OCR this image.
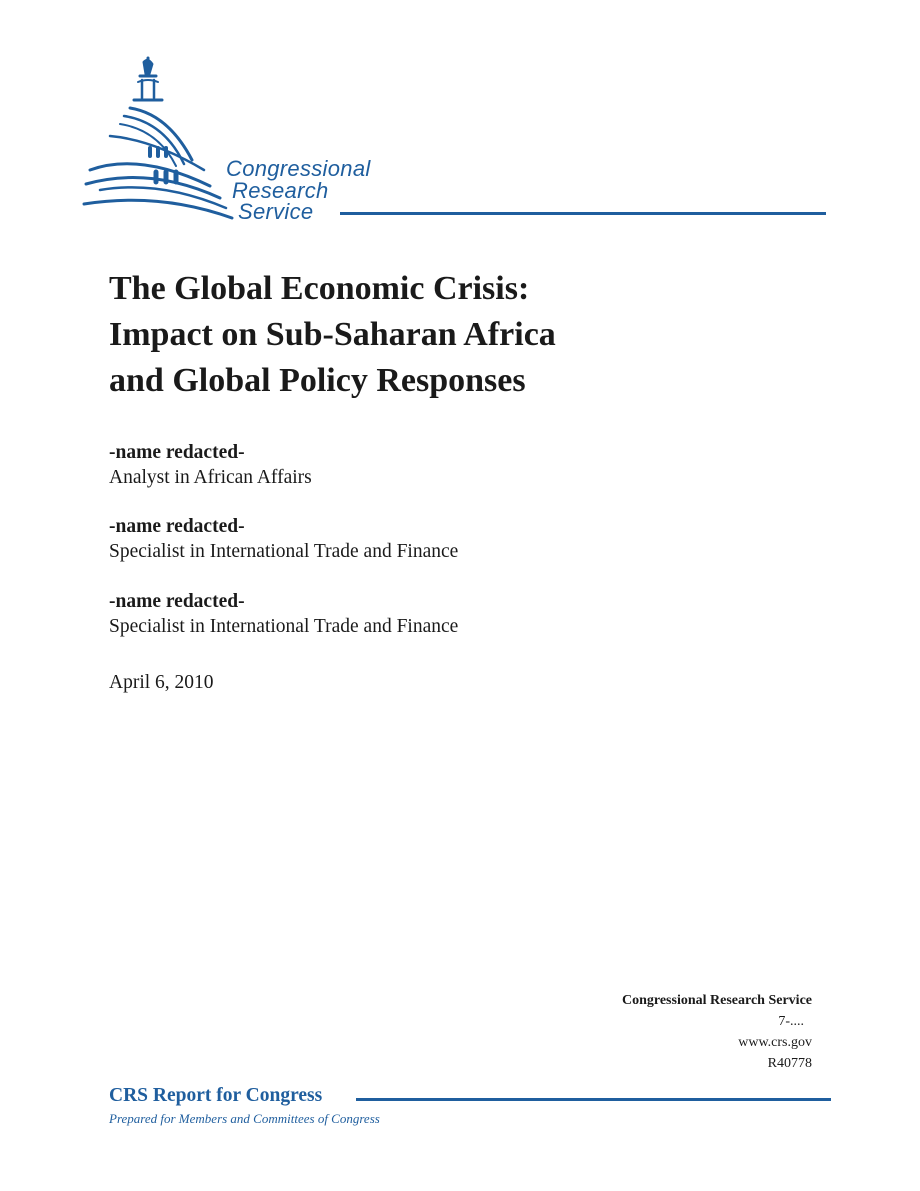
Congressional
Research
Service
The Global Economic Crisis:
Impact on Sub-Saharan Africa
and Global Policy Responses
-name redacted-
Analyst in African Affairs
-name redacted-
Specialist in International Trade and Finance
-name redacted-
Specialist in International Trade and Finance
April 6, 2010
Congressional Research Service
7-....
www.crs.gov
R40778
CRS Report for Congress
Prepared for Members and Committees of Congress
